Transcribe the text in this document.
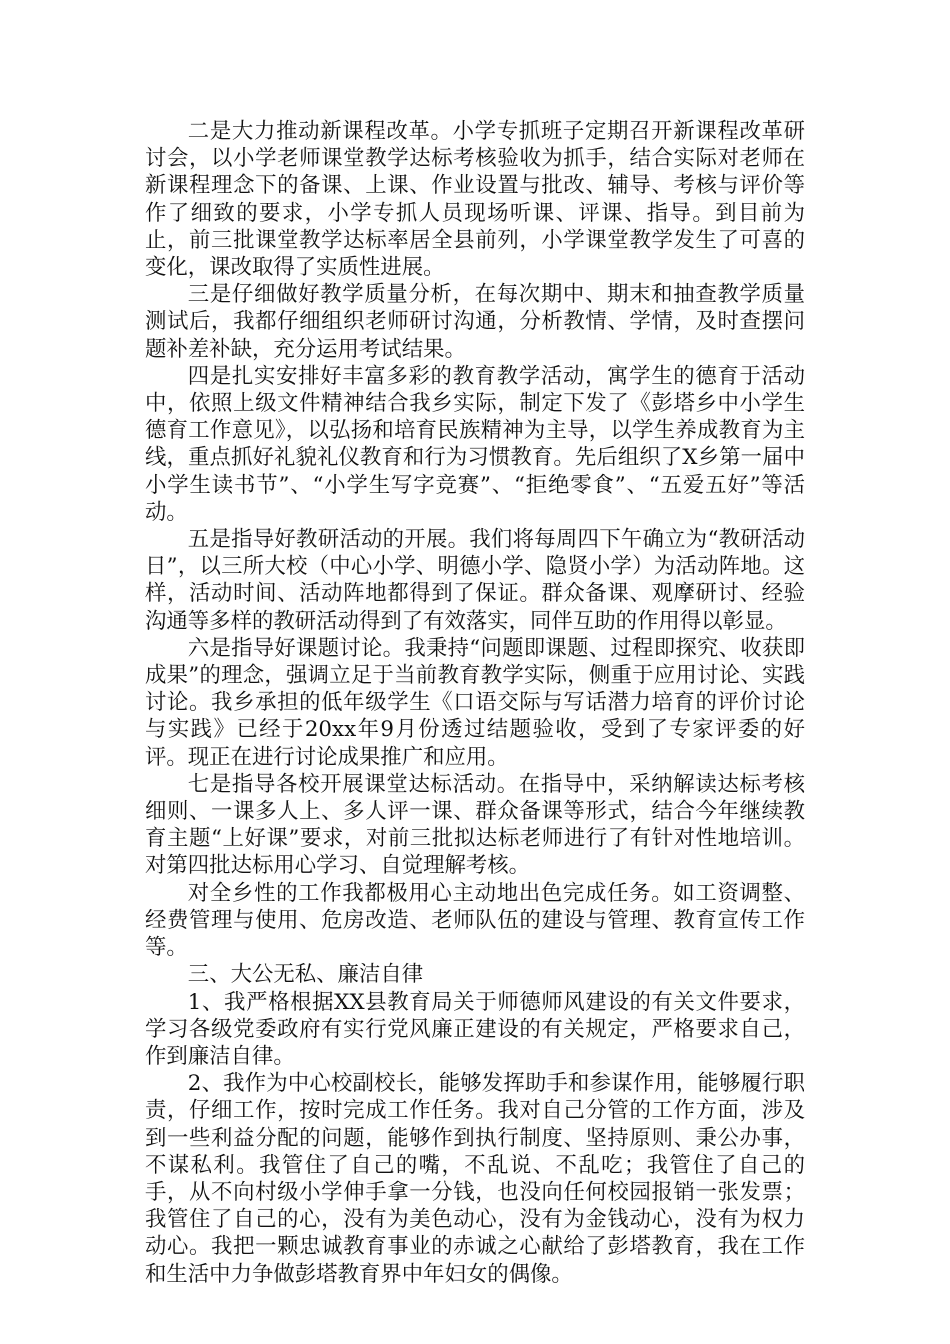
二是大力推动新课程改革。小学专抓班子定期召开新课程改革研讨会，以小学老师课堂教学达标考核验收为抓手，结合实际对老师在新课程理念下的备课、上课、作业设置与批改、辅导、考核与评价等作了细致的要求，小学专抓人员现场听课、评课、指导。到目前为止，前三批课堂教学达标率居全县前列，小学课堂教学发生了可喜的变化，课改取得了实质性进展。

三是仔细做好教学质量分析，在每次期中、期末和抽查教学质量测试后，我都仔细组织老师研讨沟通，分析教情、学情，及时查摆问题补差补缺，充分运用考试结果。

四是扎实安排好丰富多彩的教育教学活动，寓学生的德育于活动中，依照上级文件精神结合我乡实际，制定下发了《彭塔乡中小学生德育工作意见》，以弘扬和培育民族精神为主导，以学生养成教育为主线，重点抓好礼貌礼仪教育和行为习惯教育。先后组织了X乡第一届中小学生读书节”、“小学生写字竞赛”、“拒绝零食”、“五爱五好”等活动。

五是指导好教研活动的开展。我们将每周四下午确立为“教研活动日”，以三所大校（中心小学、明德小学、隐贤小学）为活动阵地。这样，活动时间、活动阵地都得到了保证。群众备课、观摩研讨、经验沟通等多样的教研活动得到了有效落实，同伴互助的作用得以彰显。

六是指导好课题讨论。我秉持“问题即课题、过程即探究、收获即成果”的理念，强调立足于当前教育教学实际，侧重于应用讨论、实践讨论。我乡承担的低年级学生《口语交际与写话潜力培育的评价讨论与实践》已经于20xx年9月份透过结题验收，受到了专家评委的好评。现正在进行讨论成果推广和应用。

七是指导各校开展课堂达标活动。在指导中，采纳解读达标考核细则、一课多人上、多人评一课、群众备课等形式，结合今年继续教育主题“上好课”要求，对前三批拟达标老师进行了有针对性地培训。对第四批达标用心学习、自觉理解考核。

对全乡性的工作我都极用心主动地出色完成任务。如工资调整、经费管理与使用、危房改造、老师队伍的建设与管理、教育宣传工作等。

三、大公无私、廉洁自律

1、我严格根据XX县教育局关于师德师风建设的有关文件要求，学习各级党委政府有实行党风廉正建设的有关规定，严格要求自己，作到廉洁自律。

2、我作为中心校副校长，能够发挥助手和参谋作用，能够履行职责，仔细工作，按时完成工作任务。我对自己分管的工作方面，涉及到一些利益分配的问题，能够作到执行制度、坚持原则、秉公办事，不谋私利。我管住了自己的嘴，不乱说、不乱吃；我管住了自己的手，从不向村级小学伸手拿一分钱，也没向任何校园报销一张发票；我管住了自己的心，没有为美色动心，没有为金钱动心，没有为权力动心。我把一颗忠诚教育事业的赤诚之心献给了彭塔教育，我在工作和生活中力争做彭塔教育界中年妇女的偶像。
